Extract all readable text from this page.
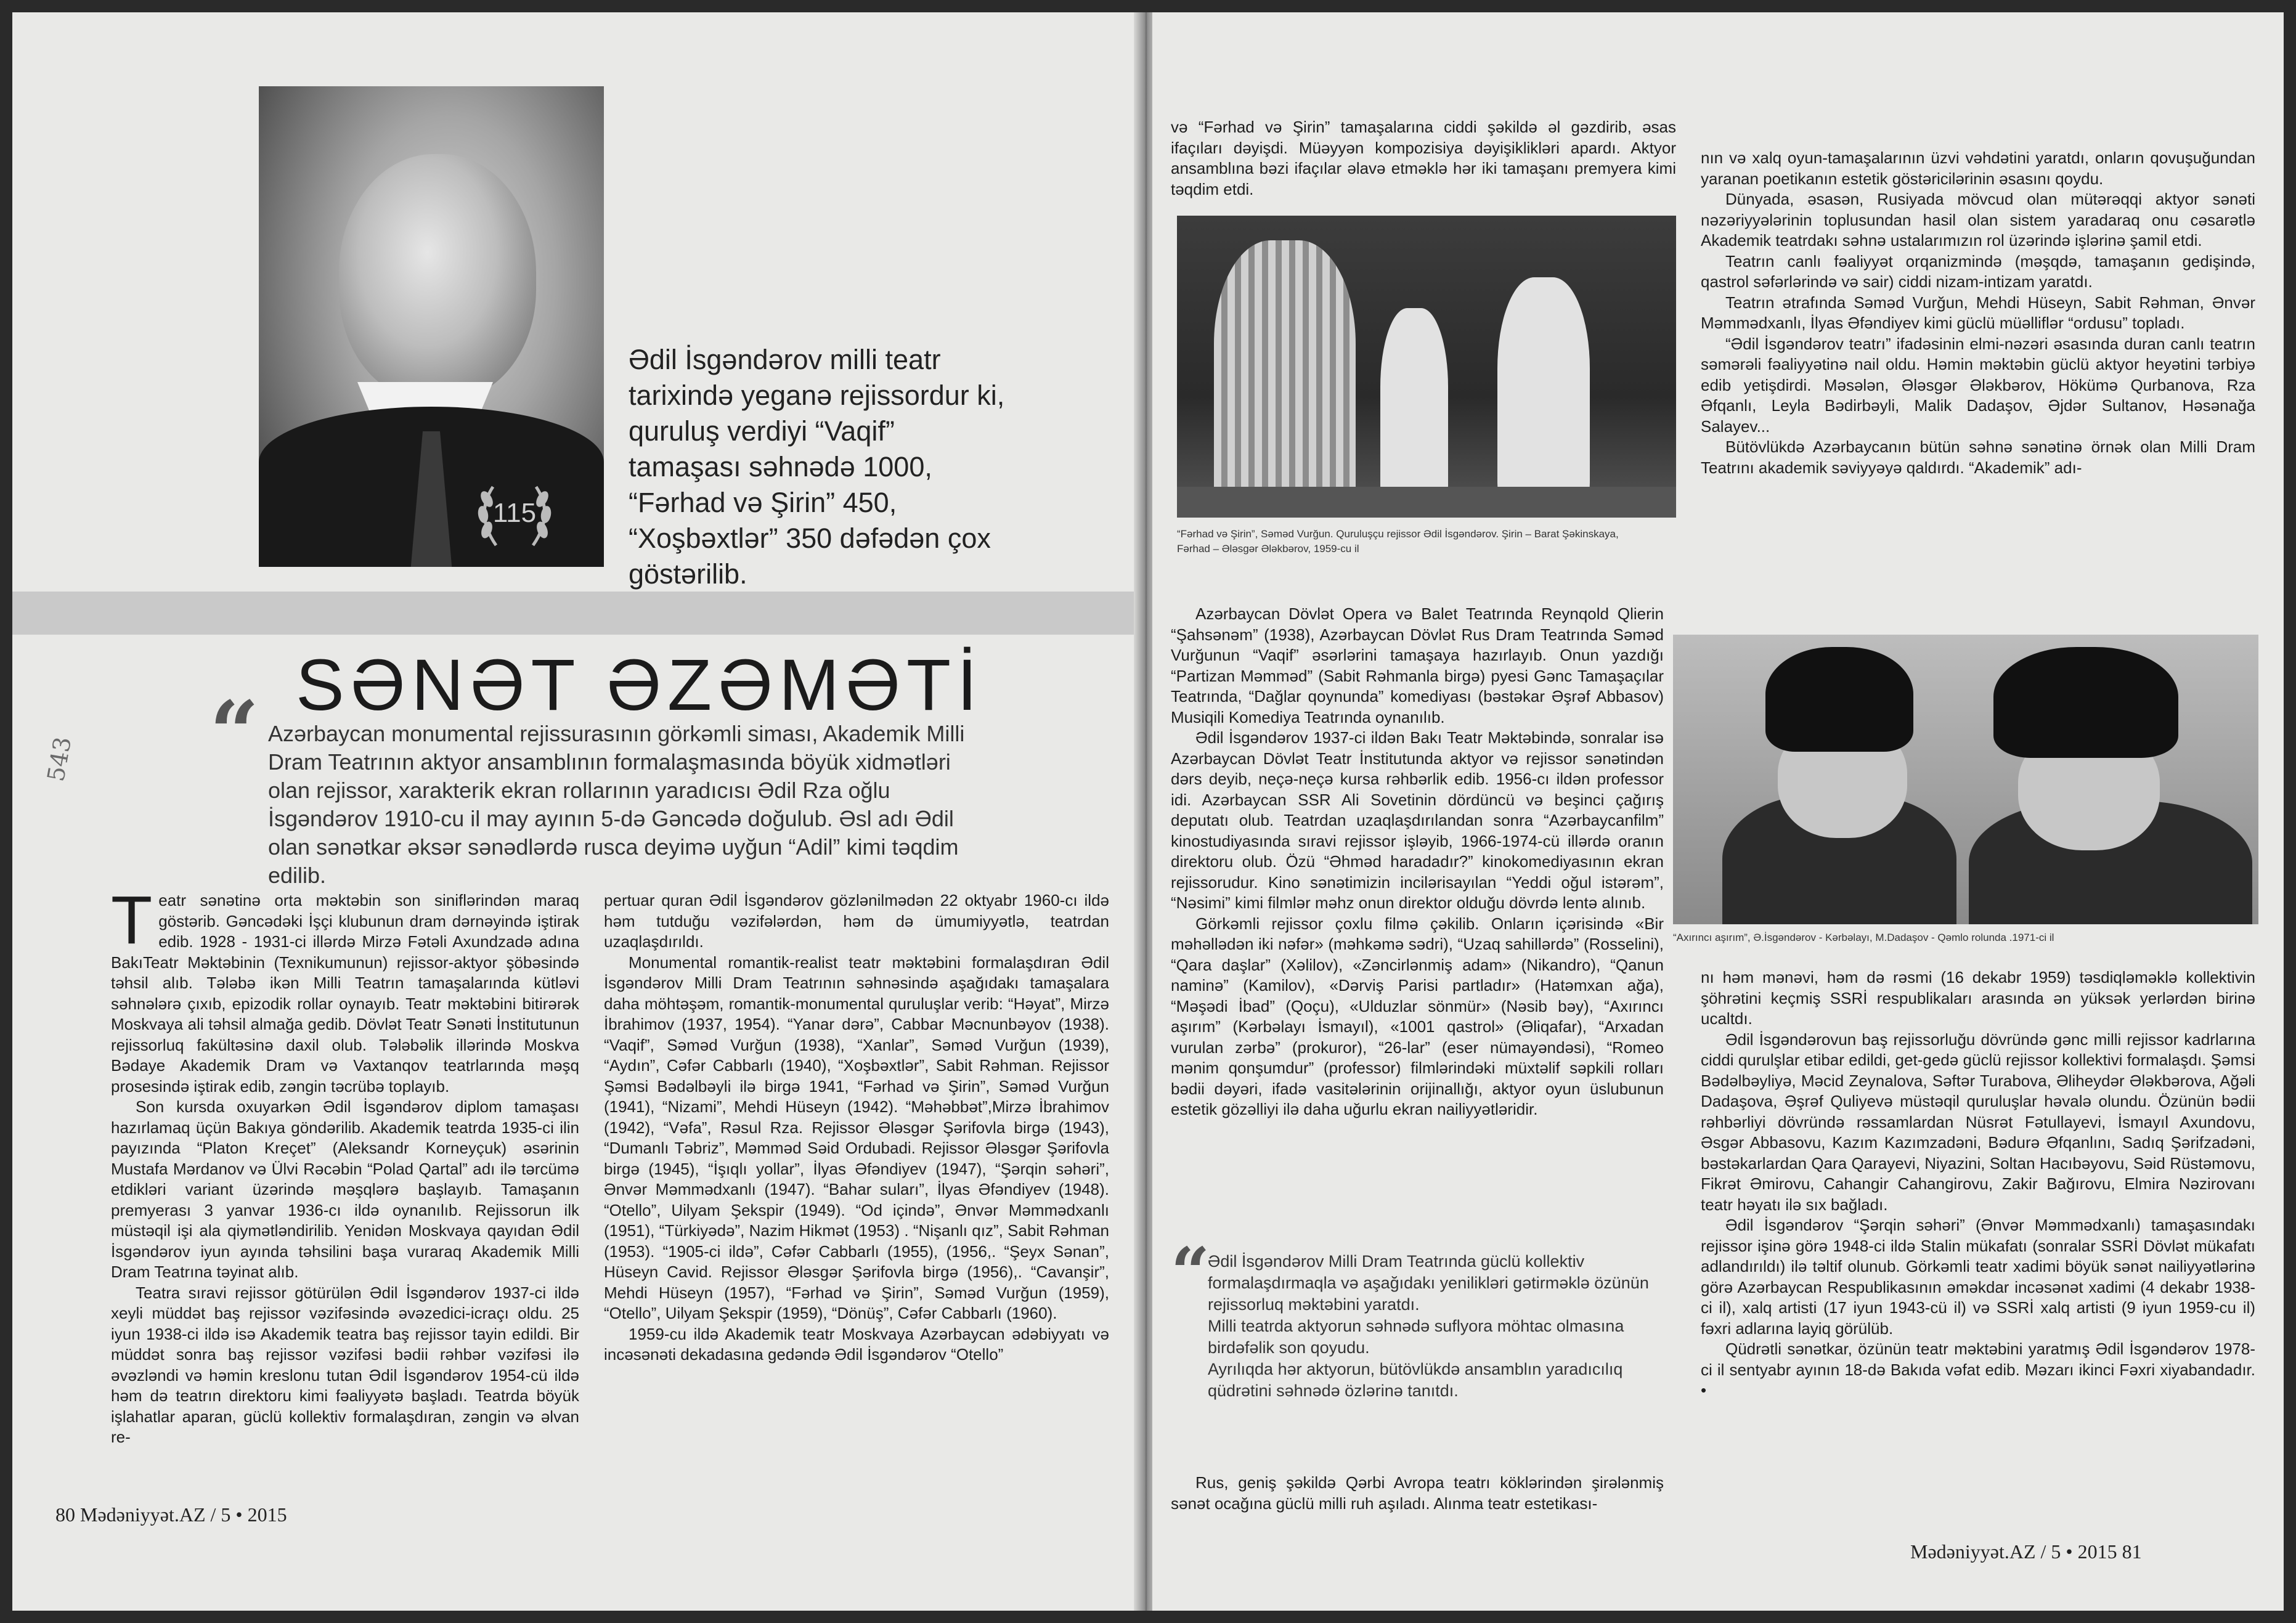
115
Ədil İsgəndərov milli teatr tarixində yeganə rejissordur ki, quruluş verdiyi “Vaqif” tamaşası səhnədə 1000, “Fərhad və Şirin” 450, “Xoşbəxtlər” 350 dəfədən çox göstərilib.
SƏNƏT ƏZƏMƏTİ
543 “ Azərbaycan monumental rejissurasının görkəmli siması, Akademik Milli Dram Teatrının aktyor ansamblının formalaşmasında böyük xidmətləri olan rejissor, xarakterik ekran rollarının yaradıcısı Ədil Rza oğlu İsgəndərov 1910-cu il may ayının 5-də Gəncədə doğulub. Əsl adı Ədil olan sənətkar əksər sənədlərdə rusca deyimə uyğun “Adil” kimi təqdim edilib.

Teatr sənətinə orta məktəbin son siniflərindən maraq göstərib. Gəncədəki İşçi klubunun dram dərnəyində iştirak edib. 1928 - 1931-ci illərdə Mirzə Fətəli Axundzadə adına BakıTeatr Məktəbinin (Texnikumunun) rejissor-aktyor şöbəsində təhsil alıb. Tələbə ikən Milli Teatrın tamaşalarında kütləvi səhnələrə çıxıb, epizodik rollar oynayıb. Teatr məktəbini bitirərək Moskvaya ali təhsil almağa gedib. Dövlət Teatr Sənəti İnstitutunun rejissorluq fakültəsinə daxil olub. Tələbəlik illərində Moskva Bədaye Akademik Dram və Vaxtanqov teatrlarında məşq prosesində iştirak edib, zəngin təcrübə toplayıb.

Son kursda oxuyarkən Ədil İsgəndərov diplom tamaşası hazırlamaq üçün Bakıya göndərilib. Akademik teatrda 1935-ci ilin payızında “Platon Kreçet” (Aleksandr Korneyçuk) əsərinin Mustafa Mərdanov və Ülvi Rəcəbin “Polad Qartal” adı ilə tərcümə etdikləri variant üzərində məşqlərə başlayıb. Tamaşanın premyerası 3 yanvar 1936-cı ildə oynanılıb. Rejissorun ilk müstəqil işi ala qiymətləndirilib. Yenidən Moskvaya qayıdan Ədil İsgəndərov iyun ayında təhsilini başa vuraraq Akademik Milli Dram Teatrına təyinat alıb.

Teatra sıravi rejissor götürülən Ədil İsgəndərov 1937-ci ildə xeyli müddət baş rejissor vəzifəsində əvəzedici-icraçı oldu. 25 iyun 1938-ci ildə isə Akademik teatra baş rejissor tayin edildi. Bir müddət sonra baş rejissor vəzifəsi bədii rəhbər vəzifəsi ilə əvəzləndi və həmin kreslonu tutan Ədil İsgəndərov 1954-cü ildə həm də teatrın direktoru kimi fəaliyyətə başladı. Teatrda böyük işlahatlar aparan, güclü kollektiv formalaşdıran, zəngin və əlvan re-

pertuar quran Ədil İsgəndərov gözlənilmədən 22 oktyabr 1960-cı ildə həm tutduğu vəzifələrdən, həm də ümumiyyətlə, teatrdan uzaqlaşdırıldı.

Monumental romantik-realist teatr məktəbini formalaşdıran Ədil İsgəndərov Milli Dram Teatrının səhnəsində aşağıdakı tamaşalara daha möhtəşəm, romantik-monumental quruluşlar verib: “Həyat”, Mirzə İbrahimov (1937, 1954). “Yanar dərə”, Cabbar Məcnunbəyov (1938). “Vaqif”, Səməd Vurğun (1938), “Xanlar”, Səməd Vurğun (1939), “Aydın”, Cəfər Cabbarlı (1940), “Xoşbəxtlər”, Sabit Rəhman. Rejissor Şəmsi Bədəlbəyli ilə birgə 1941, “Fərhad və Şirin”, Səməd Vurğun (1941), “Nizami”, Mehdi Hüseyn (1942). “Məhəbbət”,Mirzə İbrahimov (1942), “Vəfa”, Rəsul Rza. Rejissor Ələsgər Şərifovla birgə (1943), “Dumanlı Təbriz”, Məmməd Səid Ordubadi. Rejissor Ələsgər Şərifovla birgə (1945), “İşıqlı yollar”, İlyas Əfəndiyev (1947), “Şərqin səhəri”, Ənvər Məmmədxanlı (1947). “Bahar suları”, İlyas Əfəndiyev (1948). “Otello”, Uilyam Şekspir (1949). “Od içində”, Ənvər Məmmədxanlı (1951), “Türkiyədə”, Nazim Hikmət (1953) . “Nişanlı qız”, Sabit Rəhman (1953). “1905-ci ildə”, Cəfər Cabbarlı (1955), (1956,. “Şeyx Sənan”, Hüseyn Cavid. Rejissor Ələsgər Şərifovla birgə (1956),. “Cavanşir”, Mehdi Hüseyn (1957), “Fərhad və Şirin”, Səməd Vurğun (1959), “Otello”, Uilyam Şekspir (1959), “Dönüş”, Cəfər Cabbarlı (1960).

1959-cu ildə Akademik teatr Moskvaya Azərbaycan ədəbiyyatı və incəsənəti dekadasına gedəndə Ədil İsgəndərov “Otello”

80 Mədəniyyət.AZ / 5 • 2015

və “Fərhad və Şirin” tamaşalarına ciddi şəkildə əl gəzdirib, əsas ifaçıları dəyişdi. Müəyyən kompozisiya dəyişiklikləri apardı. Aktyor ansamblına bəzi ifaçılar əlavə etməklə hər iki tamaşanı premyera kimi təqdim etdi.

“Fərhad və Şirin”, Səməd Vurğun. Quruluşçu rejissor Ədil İsgəndərov. Şirin – Barat Şəkinskaya, Fərhad – Ələsgər Ələkbərov, 1959-cu il

Azərbaycan Dövlət Opera və Balet Teatrında Reynqold Qlierin “Şahsənəm” (1938), Azərbaycan Dövlət Rus Dram Teatrında Səməd Vurğunun “Vaqif” əsərlərini tamaşaya hazırlayıb. Onun yazdığı “Partizan Məmməd” (Sabit Rəhmanla birgə) pyesi Gənc Tamaşaçılar Teatrında, “Dağlar qoynunda” komediyası (bəstəkar Əşrəf Abbasov) Musiqili Komediya Teatrında oynanılıb.

Ədil İsgəndərov 1937-ci ildən Bakı Teatr Məktəbində, sonralar isə Azərbaycan Dövlət Teatr İnstitutunda aktyor və rejissor sənətindən dərs deyib, neçə-neçə kursa rəhbərlik edib. 1956-cı ildən professor idi. Azərbaycan SSR Ali Sovetinin dördüncü və beşinci çağırış deputatı olub. Teatrdan uzaqlaşdırılandan sonra “Azərbaycanfilm” kinostudiyasında sıravi rejissor işləyib, 1966-1974-cü illərdə oranın direktoru olub. Özü “Əhməd haradadır?” kinokomediyasının ekran rejissorudur. Kino sənətimizin incilərisayılan “Yeddi oğul istərəm”, “Nəsimi” kimi filmlər məhz onun direktor olduğu dövrdə lentə alınıb.

Görkəmli rejissor çoxlu filmə çəkilib. Onların içərisində «Bir məhəllədən iki nəfər» (məhkəmə sədri), “Uzaq sahillərdə” (Rosselini), “Qara daşlar” (Xəlilov), «Zəncirlənmiş adam» (Nikandro), “Qanun naminə” (Kamilov), «Dərviş Parisi partladır» (Hatəmxan ağa), “Məşədi İbad” (Qoçu), «Ulduzlar sönmür» (Nəsib bəy), “Axırıncı aşırım” (Kərbəlayı İsmayıl), «1001 qastrol» (Əliqafar), “Arxadan vurulan zərbə” (prokuror), “26-lar” (eser nümayəndəsi), “Romeo mənim qonşumdur” (professor) filmlərindəki müxtəlif səpkili rolları bədii dəyəri, ifadə vasitələrinin orijinallığı, aktyor oyun üslubunun estetik gözəlliyi ilə daha uğurlu ekran nailiyyətləridir.

“

Ədil İsgəndərov Milli Dram Teatrında güclü kollektiv formalaşdırmaqla və aşağıdakı yenilikləri gətirməklə özünün rejissorluq məktəbini yaratdı.

Milli teatrda aktyorun səhnədə suflyora möhtac olmasına birdəfəlik son qoyudu.

Ayrılıqda hər aktyorun, bütövlükdə ansamblın yaradıcılıq qüdrətini səhnədə özlərinə tanıtdı.

Rus, geniş şəkildə Qərbi Avropa teatrı köklərindən şirələnmiş sənət ocağına güclü milli ruh aşıladı. Alınma teatr estetikası-

nın və xalq oyun-tamaşalarının üzvi vəhdətini yaratdı, onların qovuşuğundan yaranan poetikanın estetik göstəricilərinin əsasını qoydu.

Dünyada, əsasən, Rusiyada mövcud olan mütərəqqi aktyor sənəti nəzəriyyələrinin toplusundan hasil olan sistem yaradaraq onu cəsarətlə Akademik teatrdakı səhnə ustalarımızın rol üzərində işlərinə şamil etdi.

Teatrın canlı fəaliyyət orqanizmində (məşqdə, tamaşanın gedişində, qastrol səfərlərində və sair) ciddi nizam-intizam yaratdı.

Teatrın ətrafında Səməd Vurğun, Mehdi Hüseyn, Sabit Rəhman, Ənvər Məmmədxanlı, İlyas Əfəndiyev kimi güclü müəlliflər “ordusu” topladı.

“Ədil İsgəndərov teatrı” ifadəsinin elmi-nəzəri əsasında duran canlı teatrın səmərəli fəaliyyətinə nail oldu. Həmin məktəbin güclü aktyor heyətini tərbiyə edib yetişdirdi. Məsələn, Ələsgər Ələkbərov, Hökümə Qurbanova, Rza Əfqanlı, Leyla Bədirbəyli, Malik Dadaşov, Əjdər Sultanov, Həsənağa Salayev...

Bütövlükdə Azərbaycanın bütün səhnə sənətinə örnək olan Milli Dram Teatrını akademik səviyyəyə qaldırdı. “Akademik” adı-

“Axırıncı aşırım”, Ə.İsgəndərov - Kərbəlayı, M.Dadaşov - Qəmlo rolunda .1971-ci il

nı həm mənəvi, həm də rəsmi (16 dekabr 1959) təsdiqləməklə kollektivin şöhrətini keçmiş SSRİ respublikaları arasında ən yüksək yerlərdən birinə ucaltdı.

Ədil İsgəndərovun baş rejissorluğu dövründə gənc milli rejissor kadrlarına ciddi qurulşlar etibar edildi, get-gedə güclü rejissor kollektivi formalaşdı. Şəmsi Bədəlbəyliyə, Məcid Zeynalova, Səftər Turabova, Əliheydər Ələkbərova, Ağəli Dadaşova, Əşrəf Quliyevə müstəqil quruluşlar həvalə olundu. Özünün bədii rəhbərliyi dövründə rəssamlardan Nüsrət Fətullayevi, İsmayıl Axundovu, Əsgər Abbasovu, Kazım Kazımzadəni, Bədurə Əfqanlını, Sadıq Şərifzadəni, bəstəkarlardan Qara Qarayevi, Niyazini, Soltan Hacıbəyovu, Səid Rüstəmovu, Fikrət Əmirovu, Cahangir Cahangirovu, Zakir Bağırovu, Elmira Nəzirovanı teatr həyatı ilə sıx bağladı.

Ədil İsgəndərov “Şərqin səhəri” (Ənvər Məmmədxanlı) tamaşasındakı rejissor işinə görə 1948-ci ildə Stalin mükafatı (sonralar SSRİ Dövlət mükafatı adlandırıldı) ilə təltif olunub. Görkəmli teatr xadimi böyük sənət nailiyyətlərinə görə Azərbaycan Respublikasının əməkdar incəsənət xadimi (4 dekabr 1938-ci il), xalq artisti (17 iyun 1943-cü il) və SSRİ xalq artisti (9 iyun 1959-cu il) fəxri adlarına layiq görülüb.

Qüdrətli sənətkar, özünün teatr məktəbini yaratmış Ədil İsgəndərov 1978-ci il sentyabr ayının 18-də Bakıda vəfat edib. Məzarı ikinci Fəxri xiyabandadır. •

Mədəniyyət.AZ / 5 • 2015 81
